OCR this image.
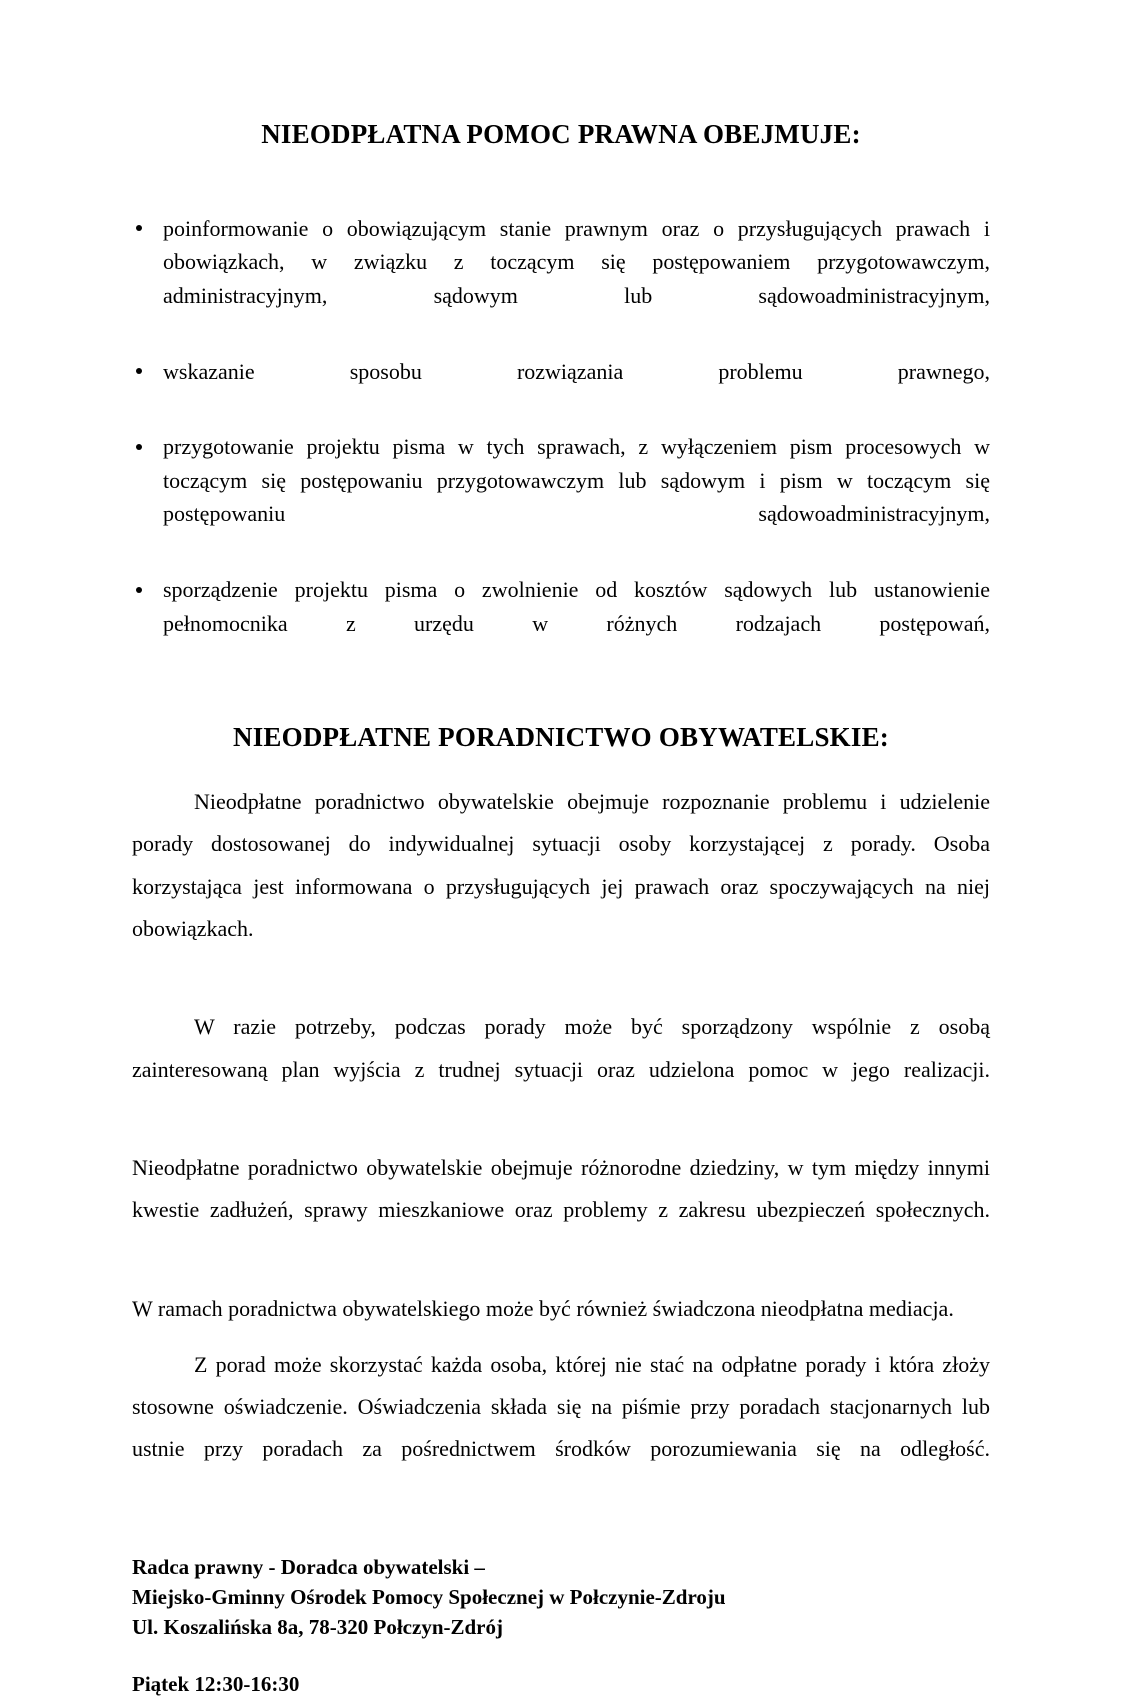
NIEODPŁATNA POMOC PRAWNA OBEJMUJE:
poinformowanie o obowiązującym stanie prawnym oraz o przysługujących prawach i obowiązkach, w związku z toczącym się postępowaniem przygotowawczym, administracyjnym, sądowym lub sądowoadministracyjnym,
wskazanie sposobu rozwiązania problemu prawnego,
przygotowanie projektu pisma w tych sprawach, z wyłączeniem pism procesowych w toczącym się postępowaniu przygotowawczym lub sądowym i pism w toczącym się postępowaniu sądowoadministracyjnym,
sporządzenie projektu pisma o zwolnienie od kosztów sądowych lub ustanowienie pełnomocnika z urzędu w różnych rodzajach postępowań,
NIEODPŁATNE PORADNICTWO OBYWATELSKIE:

Nieodpłatne poradnictwo obywatelskie obejmuje rozpoznanie problemu i udzielenie porady dostosowanej do indywidualnej sytuacji osoby korzystającej z porady. Osoba korzystająca jest informowana o przysługujących jej prawach oraz spoczywających na niej obowiązkach.

W razie potrzeby, podczas porady może być sporządzony wspólnie z osobą zainteresowaną plan wyjścia z trudnej sytuacji oraz udzielona pomoc w jego realizacji.

Nieodpłatne poradnictwo obywatelskie obejmuje różnorodne dziedziny, w tym między innymi kwestie zadłużeń, sprawy mieszkaniowe oraz problemy z zakresu ubezpieczeń społecznych.

W ramach poradnictwa obywatelskiego może być również świadczona nieodpłatna mediacja.

Z porad może skorzystać każda osoba, której nie stać na odpłatne porady i która złoży stosowne oświadczenie. Oświadczenia składa się na piśmie przy poradach stacjonarnych lub ustnie przy poradach za pośrednictwem środków porozumiewania się na odległość.

Radca prawny - Doradca obywatelski –
Miejsko-Gminny Ośrodek Pomocy Społecznej w Połczynie-Zdroju
Ul. Koszalińska 8a, 78-320 Połczyn-Zdrój
Piątek 12:30-16:30
